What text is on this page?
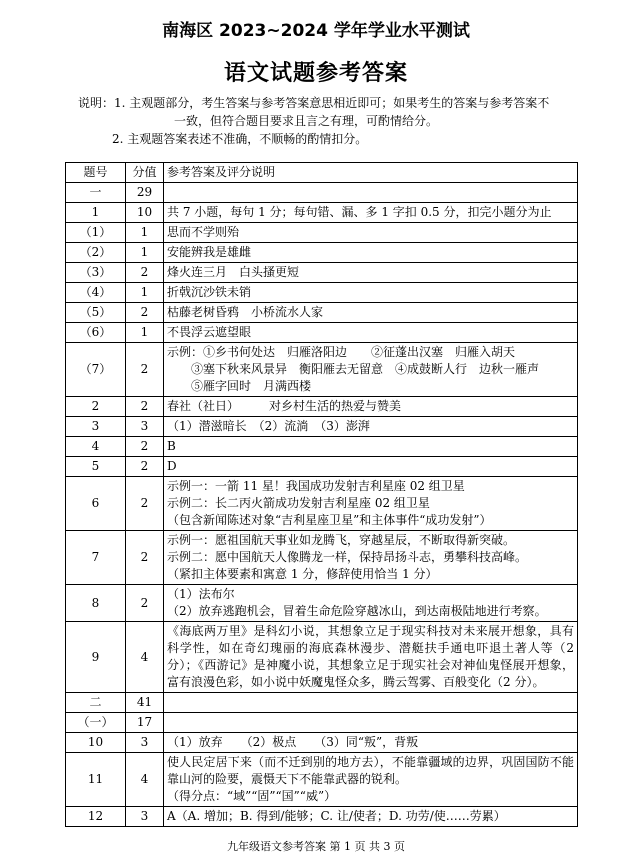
南海区 2023~2024 学年学业水平测试
语文试题参考答案
说明：1. 主观题部分，考生答案与参考答案意思相近即可；如果考生的答案与参考答案不
一致，但符合题目要求且言之有理，可酌情给分。
2. 主观题答案表述不准确，不顺畅的酌情扣分。
题号	分值	参考答案及评分说明
一	29	

1	10	共 7 小题，每句 1 分；每句错、漏、多 1 字扣 0.5 分，扣完小题分为止

（1）	1	思而不学则殆

（2）	1	安能辨我是雄雌

（3）	2	烽火连三月　白头搔更短

（4）	1	折戟沉沙铁未销

（5）	2	枯藤老树昏鸦　小桥流水人家

（6）	1	不畏浮云遮望眼

（7）	2	示例：①乡书何处达　归雁洛阳边　　②征蓬出汉塞　归雁入胡天
③塞下秋来风景异　衡阳雁去无留意　④成鼓断人行　边秋一雁声
⑤雁字回时　月满西楼

2	2	春社（社日）　　　对乡村生活的热爱与赞美

3	3	（1）潜滋暗长　（2）流淌　（3）澎湃

4	2	B

5	2	D

6	2	示例一：一箭 11 星！我国成功发射吉利星座 02 组卫星
示例二：长二丙火箭成功发射吉利星座 02 组卫星
（包含新闻陈述对象“吉利星座卫星”和主体事件“成功发射”）

7	2	示例一：愿祖国航天事业如龙腾飞，穿越星辰，不断取得新突破。
示例二：愿中国航天人像腾龙一样，保持昂扬斗志，勇攀科技高峰。
（紧扣主体要素和寓意 1 分，修辞使用恰当 1 分）

8	2	（1）法布尔
（2）放弃逃跑机会，冒着生命危险穿越冰山，到达南极陆地进行考察。

9	4	《海底两万里》是科幻小说，其想象立足于现实科技对未来展开想象，具有科学性，如在奇幻瑰丽的海底森林漫步、潜艇扶手通电吓退土著人等（2分）；《西游记》是神魔小说，其想象立足于现实社会对神仙鬼怪展开想象，富有浪漫色彩，如小说中妖魔鬼怪众多，腾云驾雾、百般变化（2 分）。

二	41	

（一）	17	

10	3	（1）放弃　　（2）极点　　（3）同“叛”，背叛

11	4	使人民定居下来（而不迁到别的地方去），不能靠疆域的边界，巩固国防不能靠山河的险要，震慑天下不能靠武器的锐利。
（得分点：“域”“固”“国”“威”）

12	3	A（A. 增加；B. 得到/能够；C. 让/使者；D. 功劳/使……劳累）
九年级语文参考答案 第 1 页 共 3 页
